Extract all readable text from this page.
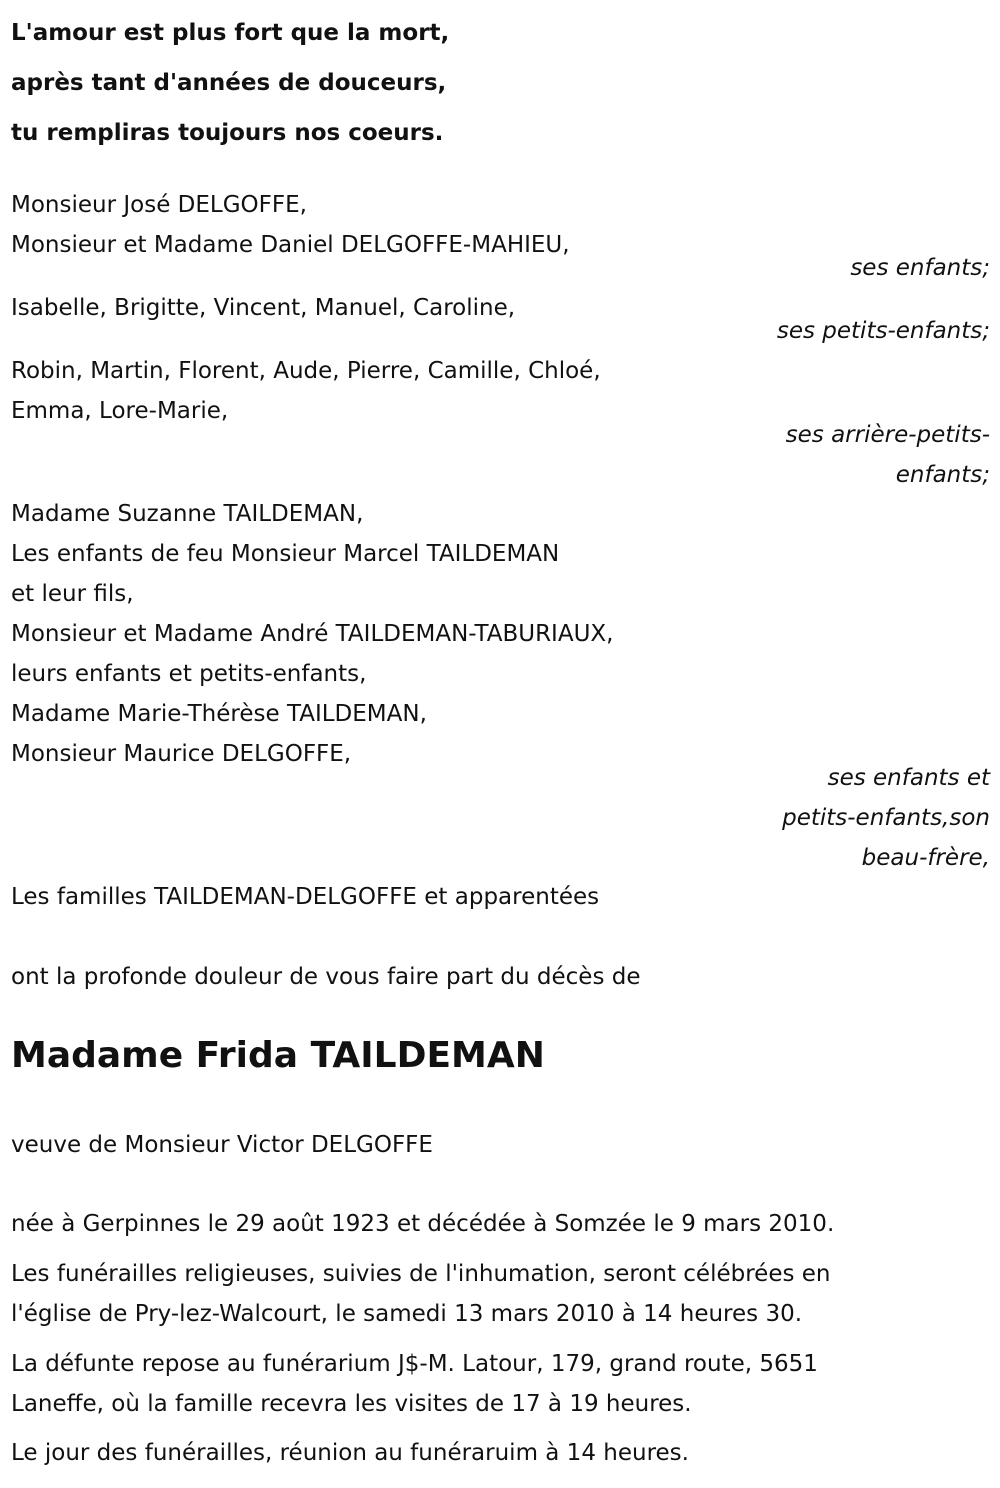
L'amour est plus fort que la mort,
après tant d'années de douceurs,
tu rempliras toujours nos coeurs.

Monsieur José DELGOFFE,

Monsieur et Madame Daniel DELGOFFE-MAHIEU,

ses enfants;

Isabelle, Brigitte, Vincent, Manuel, Caroline,

ses petits-enfants;

Robin, Martin, Florent, Aude, Pierre, Camille, Chloé,

Emma, Lore-Marie,

ses arrière-petits-
enfants;

Madame Suzanne TAILDEMAN,

Les enfants de feu Monsieur Marcel TAILDEMAN

et leur fils,

Monsieur et Madame André TAILDEMAN-TABURIAUX,

leurs enfants et petits-enfants,

Madame Marie-Thérèse TAILDEMAN,

Monsieur Maurice DELGOFFE,

ses enfants et
petits-enfants,son
beau-frère,

Les familles TAILDEMAN-DELGOFFE et apparentées

ont la profonde douleur de vous faire part du décès de

Madame Frida TAILDEMAN

veuve de Monsieur Victor DELGOFFE

née à Gerpinnes le 29 août 1923 et décédée à Somzée le 9 mars 2010.

Les funérailles religieuses, suivies de l'inhumation, seront célébrées en

l'église de Pry-lez-Walcourt, le samedi 13 mars 2010 à 14 heures 30.

La défunte repose au funérarium J$-M. Latour, 179, grand route, 5651

Laneffe, où la famille recevra les visites de 17 à 19 heures.

Le jour des funérailles, réunion au funéraruim à 14 heures.
